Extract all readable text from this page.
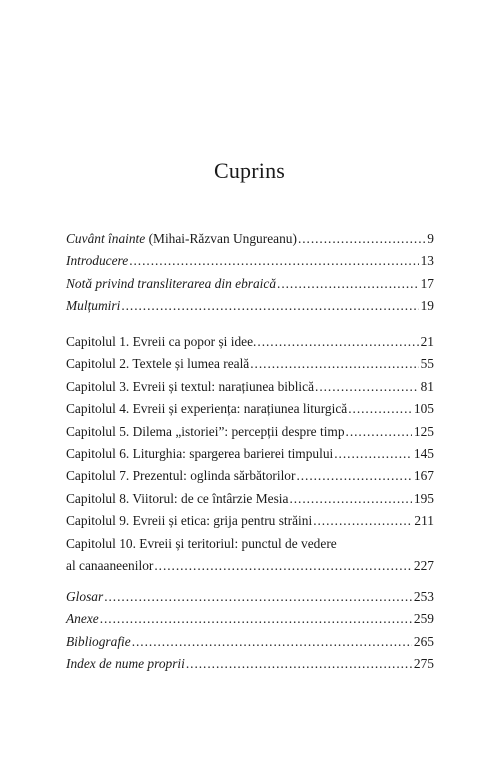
Cuprins
Cuvânt înainte (Mihai-Răzvan Ungureanu) . . .	9
Introducere . . .	13
Notă privind transliterarea din ebraică . . .	17
Mulțumiri . . .	19
Capitolul 1. Evreii ca popor și idee. . . .	21
Capitolul 2. Textele și lumea reală . . .	55
Capitolul 3. Evreii și textul: narațiunea biblică . . .	81
Capitolul 4. Evreii și experiența: narațiunea liturgică . . .	105
Capitolul 5. Dilema „istoriei”: percepții despre timp . . .	125
Capitolul 6. Liturghia: spargerea barierei timpului . . .	145
Capitolul 7. Prezentul: oglinda sărbătorilor . . .	167
Capitolul 8. Viitorul: de ce întârzie Mesia . . .	195
Capitolul 9. Evreii și etica: grija pentru străini . . .	211
Capitolul 10. Evreii și teritoriul: punctul de vedere
al canaaneenilor . . .	227
Glosar . . .	253
Anexe . . .	259
Bibliografie . . .	265
Index de nume proprii . . .	275
